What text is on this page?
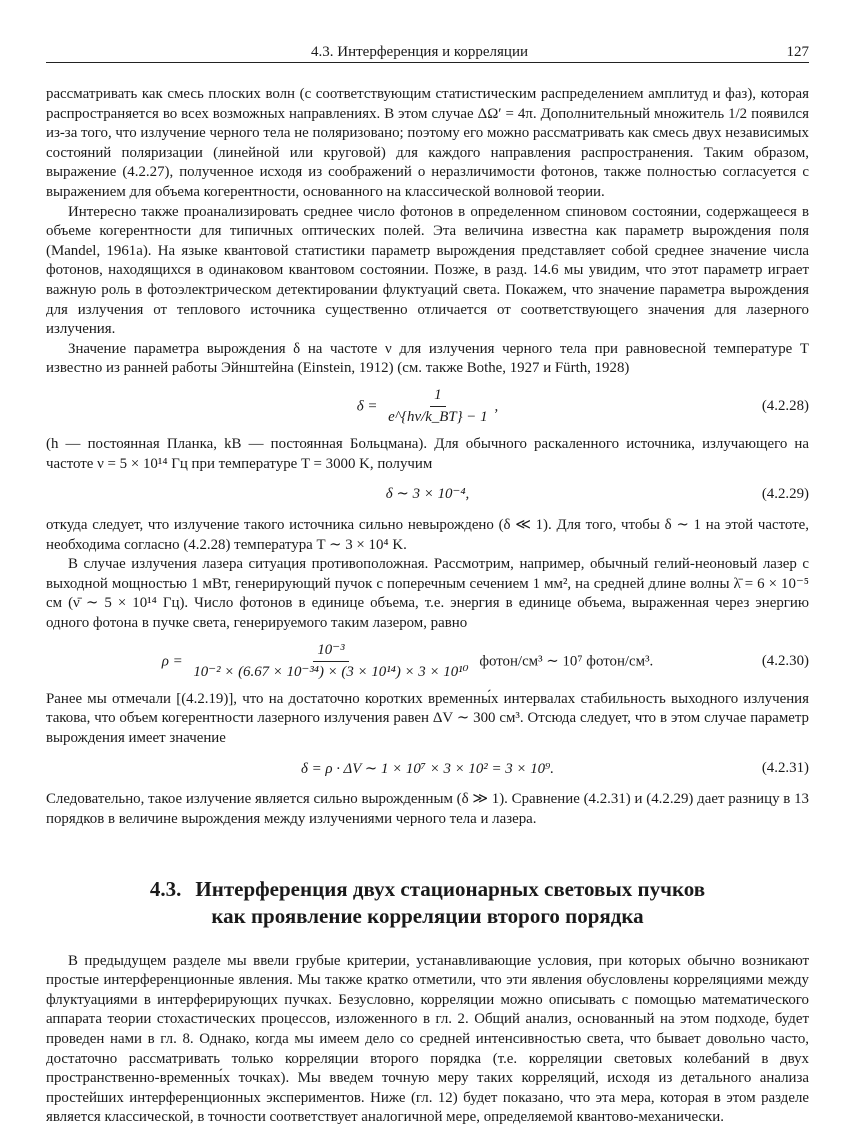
4.3. Интерференция и корреляции	127

рассматривать как смесь плоских волн (с соответствующим статистическим распределением амплитуд и фаз), которая распространяется во всех возможных направлениях. В этом случае ΔΩ′ = 4π. Дополнительный множитель 1/2 появился из-за того, что излучение черного тела не поляризовано; поэтому его можно рассматривать как смесь двух независимых состояний поляризации (линейной или круговой) для каждого направления распространения. Таким образом, выражение (4.2.27), полученное исходя из соображений о неразличимости фотонов, также полностью согласуется с выражением для объема когерентности, основанного на классической волновой теории.

Интересно также проанализировать среднее число фотонов в определенном спиновом состоянии, содержащееся в объеме когерентности для типичных оптических полей. Эта величина известна как параметр вырождения поля (Mandel, 1961a). На языке квантовой статистики параметр вырождения представляет собой среднее значение числа фотонов, находящихся в одинаковом квантовом состоянии. Позже, в разд. 14.6 мы увидим, что этот параметр играет важную роль в фотоэлектрическом детектировании флуктуаций света. Покажем, что значение параметра вырождения для излучения от теплового источника существенно отличается от соответствующего значения для лазерного излучения.

Значение параметра вырождения δ на частоте ν для излучения черного тела при равновесной температуре T известно из ранней работы Эйнштейна (Einstein, 1912) (см. также Bothe, 1927 и Fürth, 1928)

$\delta = \frac{1}{e\^{}\{h\nu/k\_BT\} - 1}$ ,	(4.2.28)

(h — постоянная Планка, kB — постоянная Больцмана). Для обычного раскаленного источника, излучающего на частоте ν = 5 × 10¹⁴ Гц при температуре T = 3000 K, получим

δ ∼ 3 × 10⁻⁴,	(4.2.29)

откуда следует, что излучение такого источника сильно невырождено (δ ≪ 1). Для того, чтобы δ ∼ 1 на этой частоте, необходима согласно (4.2.28) температура T ∼ 3 × 10⁴ K.

В случае излучения лазера ситуация противоположная. Рассмотрим, например, обычный гелий-неоновый лазер с выходной мощностью 1 мВт, генерирующий пучок с поперечным сечением 1 мм², на средней длине волны λ̄ = 6 × 10⁻⁵ см (ν̄ ∼ 5 × 10¹⁴ Гц). Число фотонов в единице объема, т.е. энергия в единице объема, выраженная через энергию одного фотона в пучке света, генерируемого таким лазером, равно

$\rho = \frac{\text{10⁻³}}{\text{10⁻² × (6.67 × 10⁻³⁴) × (3 × 10¹⁴) × 3 × 10¹⁰}}$ фотон/см³ ∼ 10⁷ фотон/см³.	(4.2.30)

Ранее мы отмечали [(4.2.19)], что на достаточно коротких временны́х интервалах стабильность выходного излучения такова, что объем когерентности лазерного излучения равен ΔV ∼ 300 см³. Отсюда следует, что в этом случае параметр вырождения имеет значение

δ = ρ · ΔV ∼ 1 × 10⁷ × 3 × 10² = 3 × 10⁹.	(4.2.31)

Следовательно, такое излучение является сильно вырожденным (δ ≫ 1). Сравнение (4.2.31) и (4.2.29) дает разницу в 13 порядков в величине вырождения между излучениями черного тела и лазера.

4.3. Интерференция двух стационарных световых пучков
как проявление корреляции второго порядка

В предыдущем разделе мы ввели грубые критерии, устанавливающие условия, при которых обычно возникают простые интерференционные явления. Мы также кратко отметили, что эти явления обусловлены корреляциями между флуктуациями в интерферирующих пучках. Безусловно, корреляции можно описывать с помощью математического аппарата теории стохастических процессов, изложенного в гл. 2. Общий анализ, основанный на этом подходе, будет проведен нами в гл. 8. Однако, когда мы имеем дело со средней интенсивностью света, что бывает довольно часто, достаточно рассматривать только корреляции второго порядка (т.е. корреляции световых колебаний в двух пространственно-временны́х точках). Мы введем точную меру таких корреляций, исходя из детального анализа простейших интерференционных экспериментов. Ниже (гл. 12) будет показано, что эта мера, которая в этом разделе является классической, в точности соответствует аналогичной мере, определяемой квантово-механически.
